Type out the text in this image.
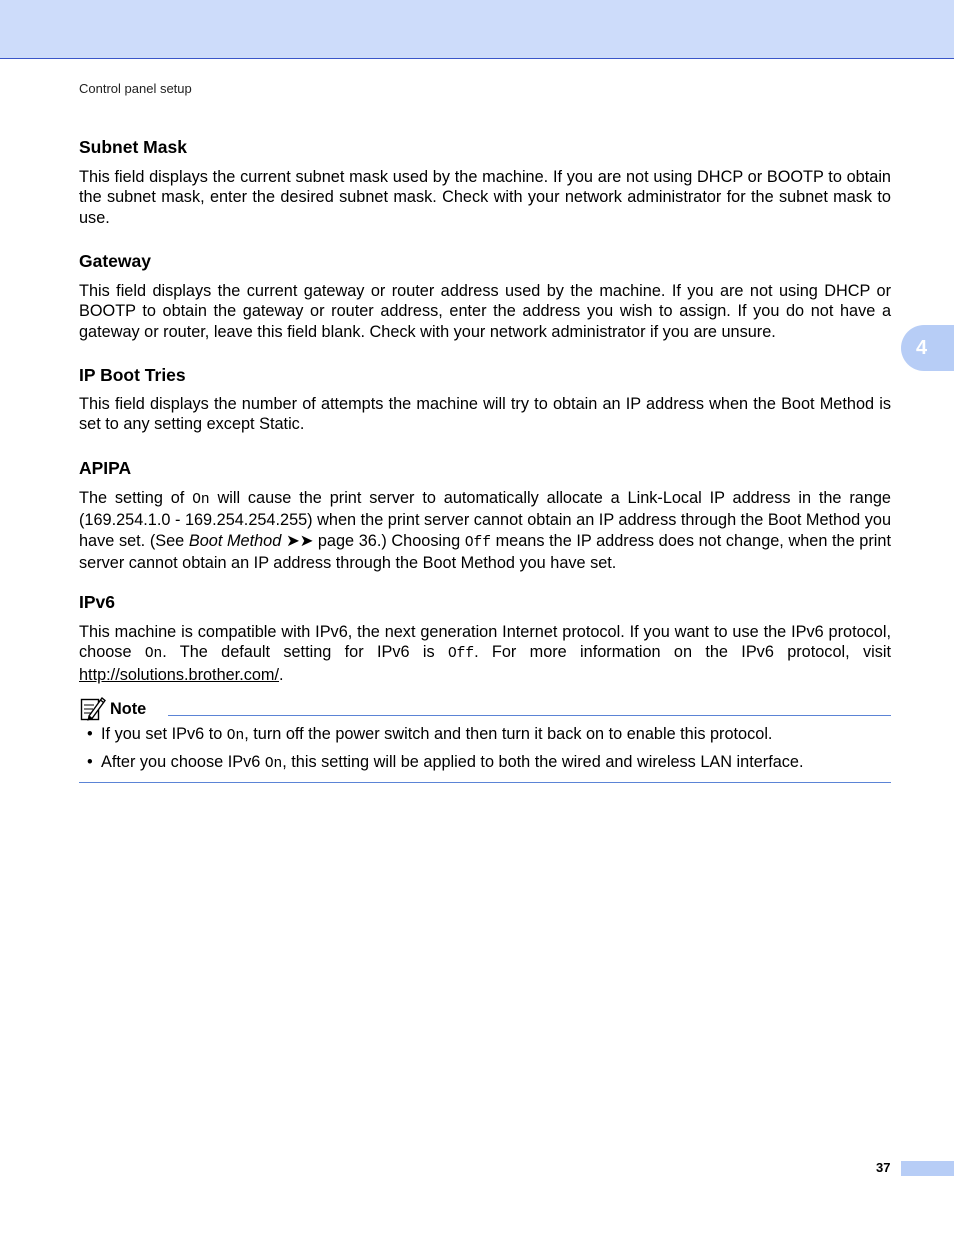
Control panel setup
4
Subnet Mask

This field displays the current subnet mask used by the machine. If you are not using DHCP or BOOTP to obtain the subnet mask, enter the desired subnet mask. Check with your network administrator for the subnet mask to use.

Gateway

This field displays the current gateway or router address used by the machine. If you are not using DHCP or BOOTP to obtain the gateway or router address, enter the address you wish to assign. If you do not have a gateway or router, leave this field blank. Check with your network administrator if you are unsure.

IP Boot Tries

This field displays the number of attempts the machine will try to obtain an IP address when the Boot Method is set to any setting except Static.

APIPA

The setting of On will cause the print server to automatically allocate a Link-Local IP address in the range (169.254.1.0 - 169.254.254.255) when the print server cannot obtain an IP address through the Boot Method you have set. (See Boot Method ➤➤ page 36.) Choosing Off means the IP address does not change, when the print server cannot obtain an IP address through the Boot Method you have set.

IPv6

This machine is compatible with IPv6, the next generation Internet protocol. If you want to use the IPv6 protocol, choose On. The default setting for IPv6 is Off. For more information on the IPv6 protocol, visit http://solutions.brother.com/.

Note
• If you set IPv6 to On, turn off the power switch and then turn it back on to enable this protocol.
• After you choose IPv6 On, this setting will be applied to both the wired and wireless LAN interface.
37
